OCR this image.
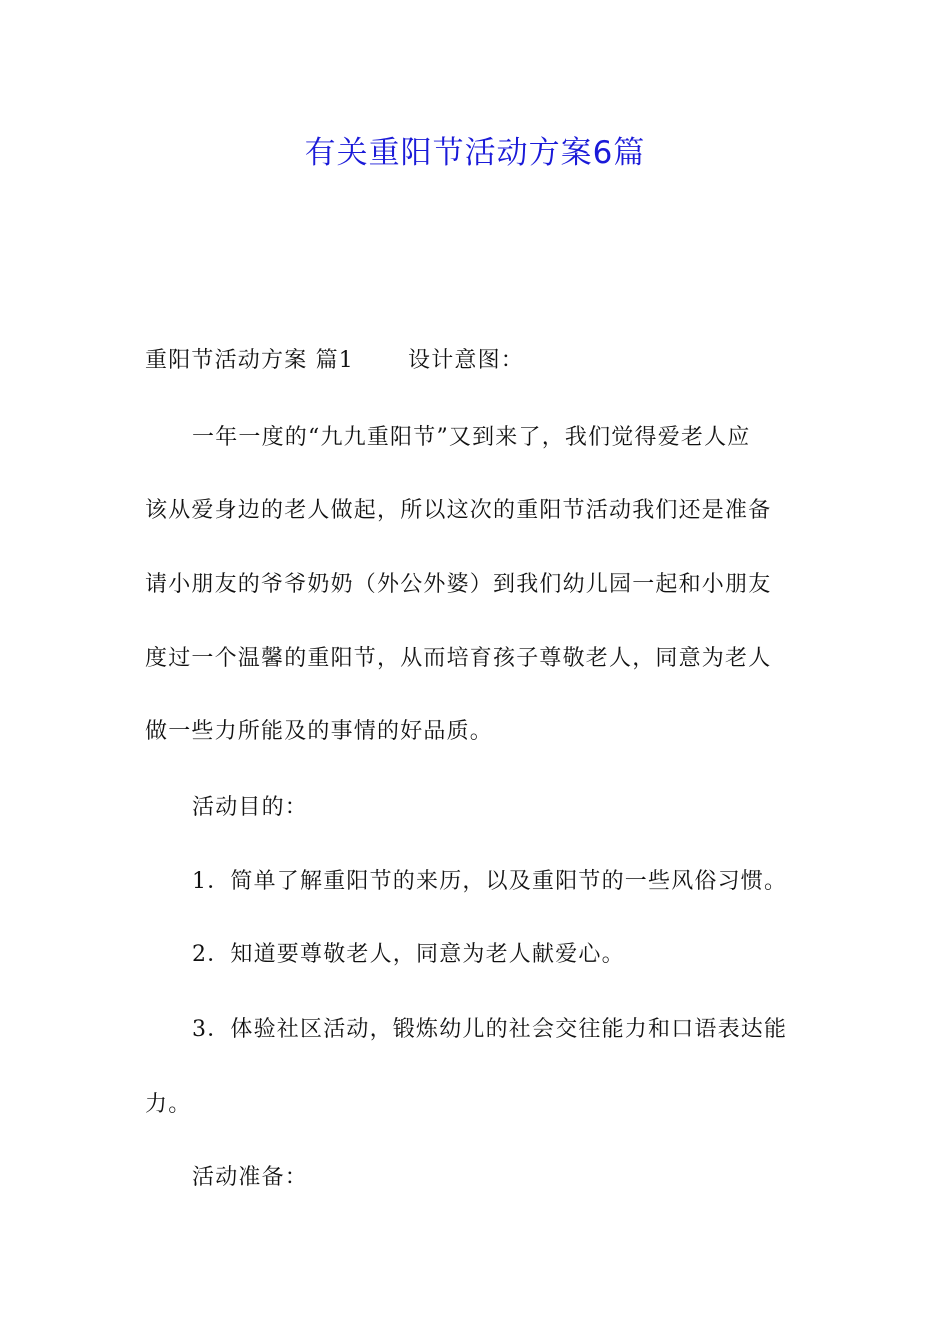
有关重阳节活动方案6篇
重阳节活动方案 篇1 设计意图：
一年一度的“九九重阳节”又到来了，我们觉得爱老人应
该从爱身边的老人做起，所以这次的重阳节活动我们还是准备
请小朋友的爷爷奶奶（外公外婆）到我们幼儿园一起和小朋友
度过一个温馨的重阳节，从而培育孩子尊敬老人，同意为老人
做一些力所能及的事情的好品质。
活动目的：
1．简单了解重阳节的来历，以及重阳节的一些风俗习惯。
2．知道要尊敬老人，同意为老人献爱心。
3．体验社区活动，锻炼幼儿的社会交往能力和口语表达能
力。
活动准备：
